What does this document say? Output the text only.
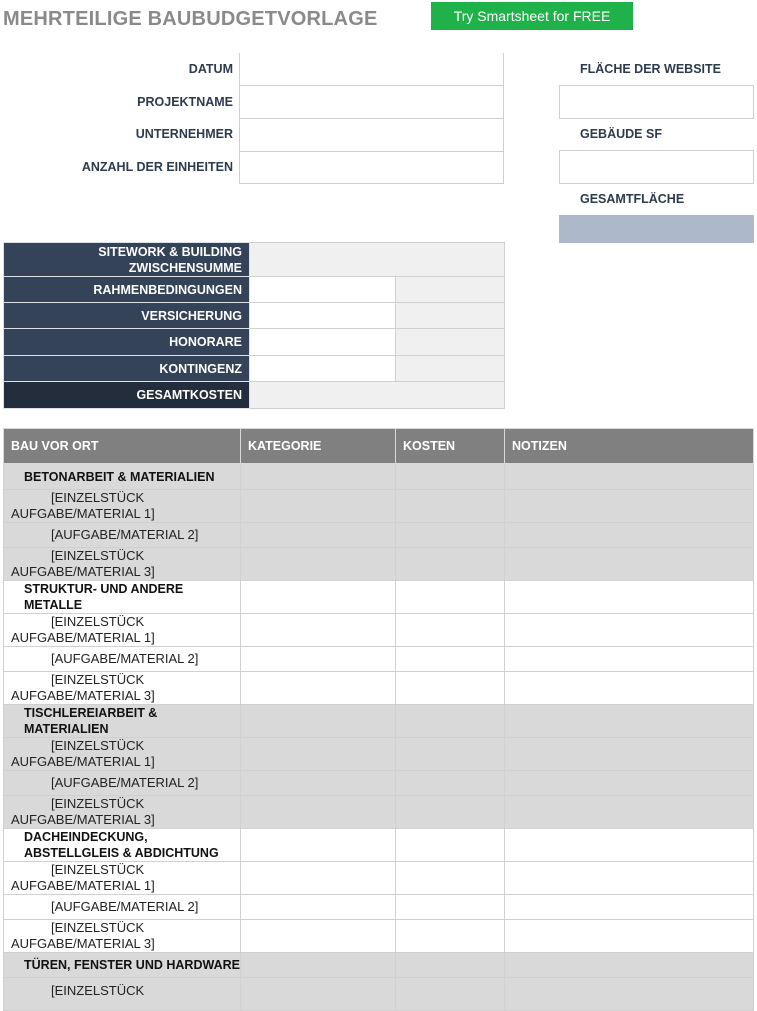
MEHRTEILIGE BAUBUDGETVORLAGE	Try Smartsheet for FREE
DATUM
PROJEKTNAME
UNTERNEHMER
ANZAHL DER EINHEITEN
FLÄCHE DER WEBSITE
GEBÄUDE SF
GESAMTFLÄCHE
SITEWORK & BUILDING ZWISCHENSUMME		
RAHMENBEDINGUNGEN		
VERSICHERUNG		
HONORARE		
KONTINGENZ		
GESAMTKOSTEN		
BAU VOR ORT	KATEGORIE	KOSTEN	NOTIZEN
BETONARBEIT & MATERIALIEN			
[EINZELSTÜCK
AUFGABE/MATERIAL 1]			
[AUFGABE/MATERIAL 2]			
[EINZELSTÜCK
AUFGABE/MATERIAL 3]			
STRUKTUR- UND ANDERE METALLE			
[EINZELSTÜCK
AUFGABE/MATERIAL 1]			
[AUFGABE/MATERIAL 2]			
[EINZELSTÜCK
AUFGABE/MATERIAL 3]			
TISCHLEREIARBEIT & MATERIALIEN			
[EINZELSTÜCK
AUFGABE/MATERIAL 1]			
[AUFGABE/MATERIAL 2]			
[EINZELSTÜCK
AUFGABE/MATERIAL 3]			
DACHEINDECKUNG, ABSTELLGLEIS & ABDICHTUNG			
[EINZELSTÜCK
AUFGABE/MATERIAL 1]			
[AUFGABE/MATERIAL 2]			
[EINZELSTÜCK
AUFGABE/MATERIAL 3]			
TÜREN, FENSTER UND HARDWARE			
[EINZELSTÜCK			
